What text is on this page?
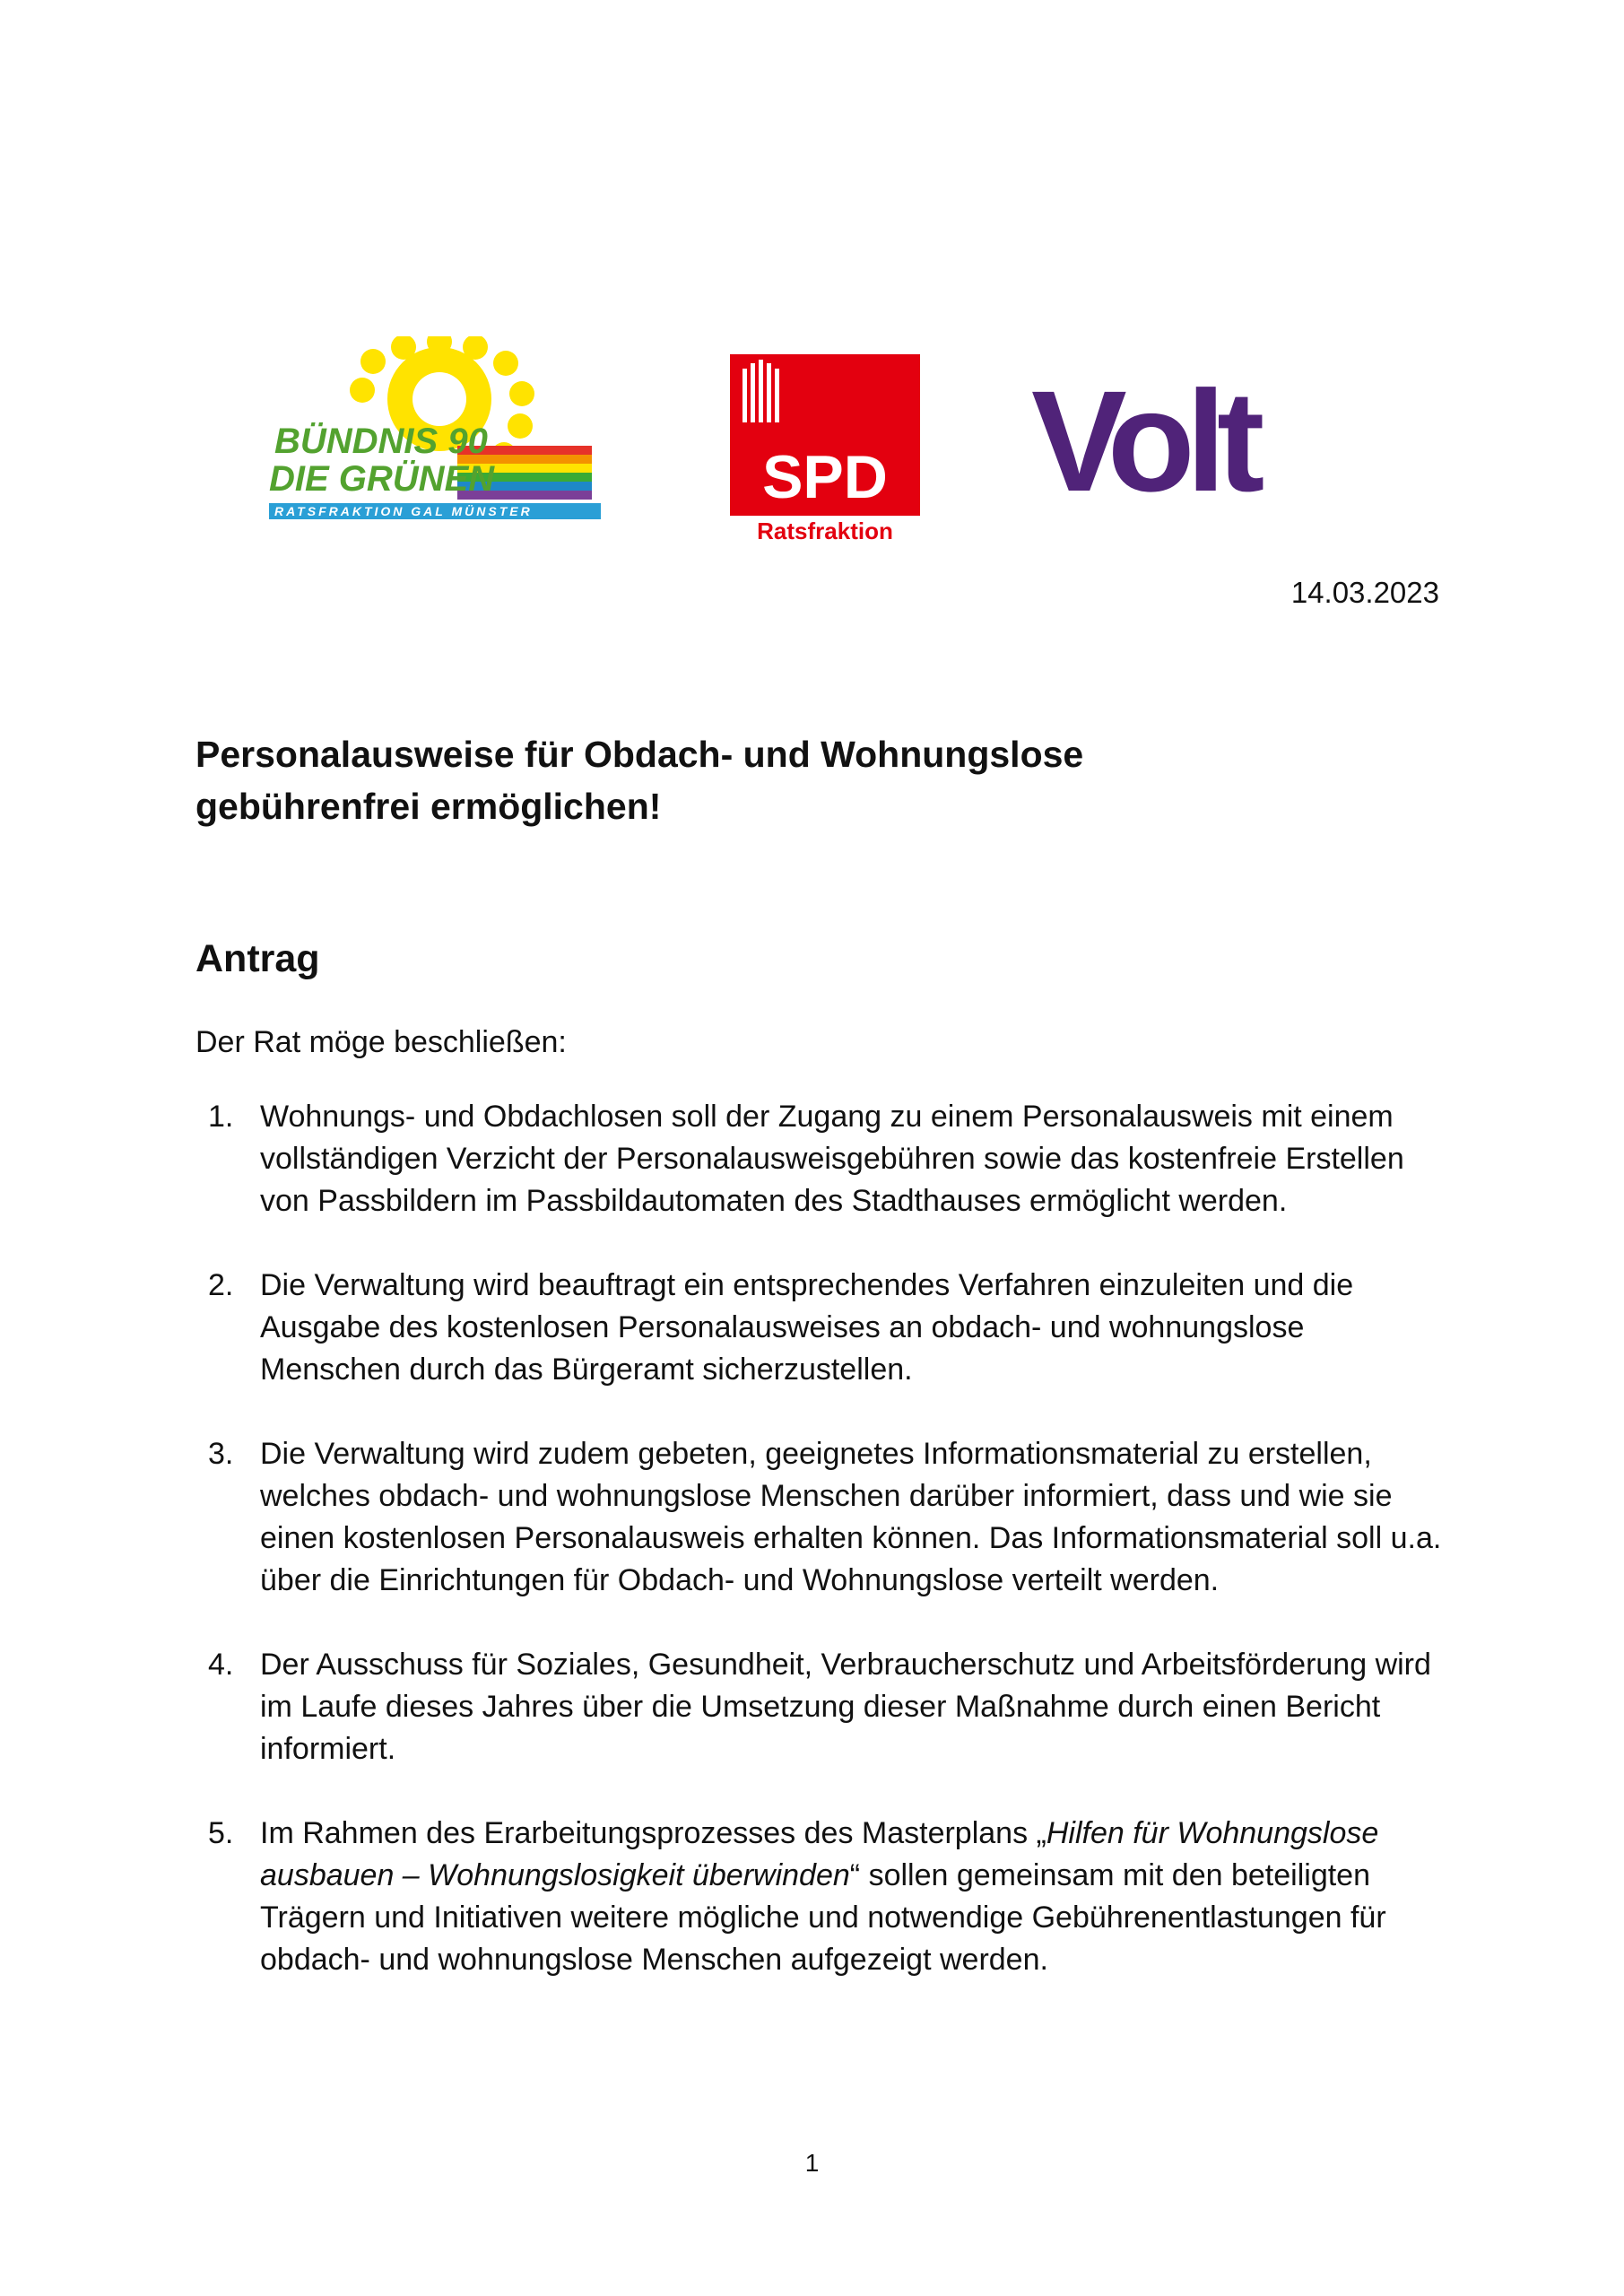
BÜNDNIS 90
DIE GRÜNEN
RATSFRAKTION GAL MÜNSTER	SPD
Ratsfraktion
Volt
14.03.2023
Personalausweise für Obdach- und Wohnungslose
gebührenfrei ermöglichen!
Antrag

Der Rat möge beschließen:

1. Wohnungs- und Obdachlosen soll der Zugang zu einem Personalausweis mit einem vollständigen Verzicht der Personalausweisgebühren sowie das kostenfreie Erstellen von Passbildern im Passbildautomaten des Stadthauses ermöglicht werden.
2. Die Verwaltung wird beauftragt ein entsprechendes Verfahren einzuleiten und die Ausgabe des kostenlosen Personalausweises an obdach- und wohnungslose Menschen durch das Bürgeramt sicherzustellen.
3. Die Verwaltung wird zudem gebeten, geeignetes Informationsmaterial zu erstellen, welches obdach- und wohnungslose Menschen darüber informiert, dass und wie sie einen kostenlosen Personalausweis erhalten können. Das Informationsmaterial soll u.a. über die Einrichtungen für Obdach- und Wohnungslose verteilt werden.
4. Der Ausschuss für Soziales, Gesundheit, Verbraucherschutz und Arbeitsförderung wird im Laufe dieses Jahres über die Umsetzung dieser Maßnahme durch einen Bericht informiert.
5. Im Rahmen des Erarbeitungsprozesses des Masterplans „Hilfen für Wohnungslose ausbauen – Wohnungslosigkeit überwinden“ sollen gemeinsam mit den beteiligten Trägern und Initiativen weitere mögliche und notwendige Gebührenentlastungen für obdach- und wohnungslose Menschen aufgezeigt werden.
1
